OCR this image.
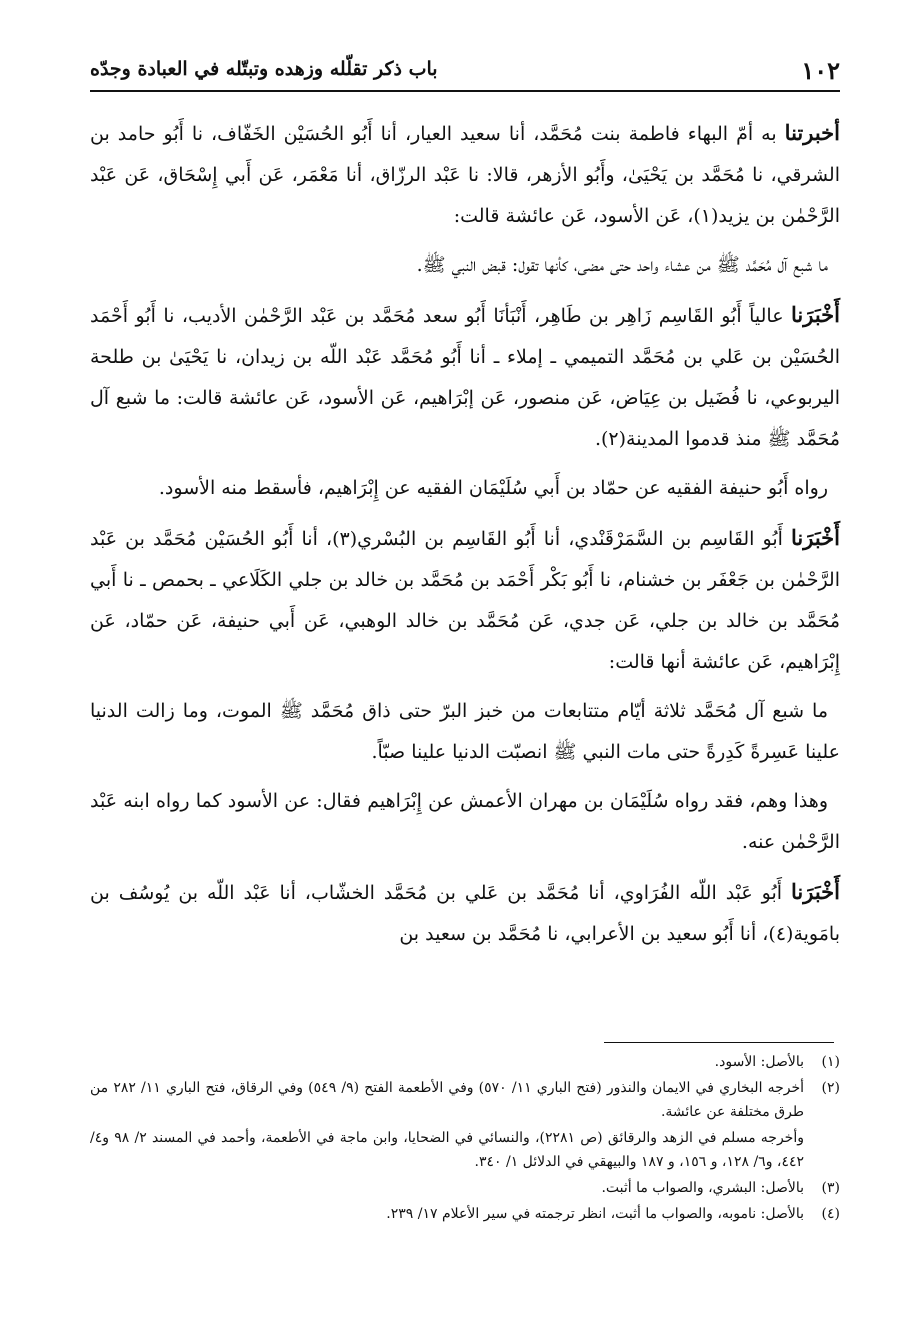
١٠٢
باب ذكر تقلّله وزهده وتبتّله في العبادة وجدّه

أخبرتنا به أمّ البهاء فاطمة بنت مُحَمَّد، أنا سعيد العيار، أنا أَبُو الحُسَيْن الخَفّاف، نا أَبُو حامد بن الشرقي، نا مُحَمَّد بن يَحْيَىٰ، وأَبُو الأزهر، قالا: نا عَبْد الرزّاق، أنا مَعْمَر، عَن أَبي إِسْحَاق، عَن عَبْد الرَّحْمٰن بن يزيد(١)، عَن الأسود، عَن عائشة قالت:

ما شبع آل مُحَمَّد ﷺ من عشاء واحد حتى مضى، كأنها تقول: قبض النبي ﷺ.

أَخْبَرَنا عالياً أَبُو القَاسِم زَاهِر بن طَاهِر، أَنْبَأنَا أَبُو سعد مُحَمَّد بن عَبْد الرَّحْمٰن الأديب، نا أَبُو أَحْمَد الحُسَيْن بن عَلي بن مُحَمَّد التميمي ـ إملاء ـ أنا أَبُو مُحَمَّد عَبْد اللّه بن زيدان، نا يَحْيَىٰ بن طلحة اليربوعي، نا فُضَيل بن عِيَاض، عَن منصور، عَن إبْرَاهيم، عَن الأسود، عَن عائشة قالت: ما شبع آل مُحَمَّد ﷺ منذ قدموا المدينة(٢).

رواه أَبُو حنيفة الفقيه عن حمّاد بن أَبي سُلَيْمَان الفقيه عن إِبْرَاهيم، فأسقط منه الأسود.

أَخْبَرَنا أَبُو القَاسِم بن السَّمَرْقَنْدي، أنا أَبُو القَاسِم بن البُسْري(٣)، أنا أَبُو الحُسَيْن مُحَمَّد بن عَبْد الرَّحْمٰن بن جَعْفَر بن خشنام، نا أَبُو بَكْر أَحْمَد بن مُحَمَّد بن خالد بن جلي الكَلَاعي ـ بحمص ـ نا أَبي مُحَمَّد بن خالد بن جلي، عَن جدي، عَن مُحَمَّد بن خالد الوهبي، عَن أَبي حنيفة، عَن حمّاد، عَن إِبْرَاهيم، عَن عائشة أنها قالت:

ما شبع آل مُحَمَّد ثلاثة أيّام متتابعات من خبز البرّ حتى ذاق مُحَمَّد ﷺ الموت، وما زالت الدنيا علينا عَسِرةً كَدِرةً حتى مات النبي ﷺ انصبّت الدنيا علينا صبّاً.

وهذا وهم، فقد رواه سُلَيْمَان بن مهران الأعمش عن إِبْرَاهيم فقال: عن الأسود كما رواه ابنه عَبْد الرَّحْمٰن عنه.

أَخْبَرَنا أَبُو عَبْد اللّه الفُرَاوي، أنا مُحَمَّد بن عَلي بن مُحَمَّد الخشّاب، أنا عَبْد اللّه بن يُوسُف بن بامَوية(٤)، أنا أَبُو سعيد بن الأعرابي، نا مُحَمَّد بن سعيد بن

(١)
بالأصل: الأسود.
(٢)
أخرجه البخاري في الايمان والنذور (فتح الباري ١١/ ٥٧٠) وفي الأطعمة الفتح (٩/ ٥٤٩) وفي الرقاق، فتح الباري ١١/ ٢٨٢ من طرق مختلفة عن عائشة.
وأخرجه مسلم في الزهد والرقائق (ص ٢٢٨١)، والنسائي في الضحايا، وابن ماجة في الأطعمة، وأحمد في المسند ٢/ ٩٨ و٤/ ٤٤٢، و٦/ ١٢٨، و ١٥٦، و ١٨٧ والبيهقي في الدلائل ١/ ٣٤٠.
(٣)
بالأصل: البشري، والصواب ما أثبت.
(٤)
بالأصل: ناموبه، والصواب ما أثبت، انظر ترجمته في سير الأعلام ١٧/ ٢٣٩.
